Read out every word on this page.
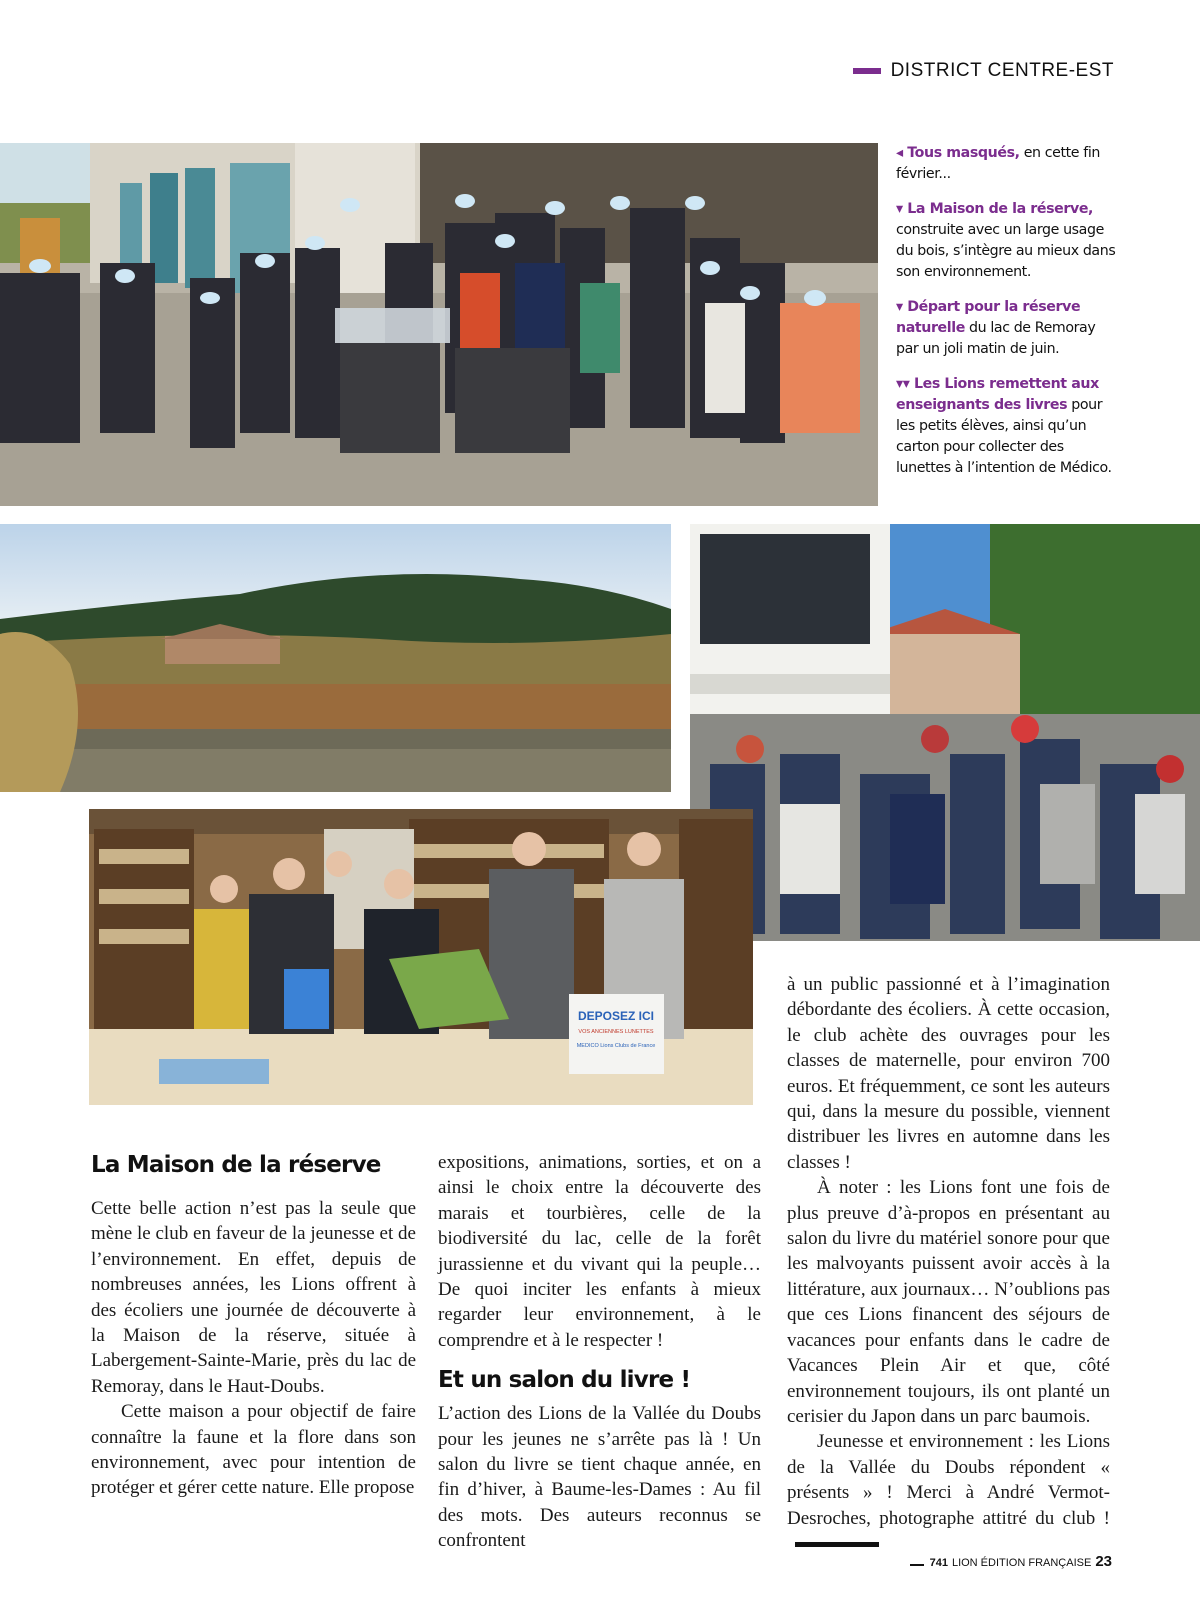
DISTRICT CENTRE-EST
◂ Tous masqués, en cette fin février...
▾ La Maison de la réserve, construite avec un large usage du bois, s’intègre au mieux dans son environnement.
▾ Départ pour la réserve naturelle du lac de Remoray par un joli matin de juin.
▾▾ Les Lions remettent aux enseignants des livres pour les petits élèves, ainsi qu’un carton pour collecter des lunettes à l’intention de Médico.
DEPOSEZ ICI
VOS ANCIENNES LUNETTES
MEDICO Lions Clubs de France
La Maison de la réserve

Cette belle action n’est pas la seule que mène le club en faveur de la jeunesse et de l’environnement. En effet, depuis de nombreuses années, les Lions offrent à des écoliers une journée de découverte à la Maison de la réserve, située à Labergement-Sainte-Marie, près du lac de Remoray, dans le Haut-Doubs.

Cette maison a pour objectif de faire connaître la faune et la flore dans son environnement, avec pour intention de protéger et gérer cette nature. Elle propose

expositions, animations, sorties, et on a ainsi le choix entre la découverte des marais et tourbières, celle de la biodiversité du lac, celle de la forêt jurassienne et du vivant qui la peuple… De quoi inciter les enfants à mieux regarder leur environnement, à le comprendre et à le respecter !

Et un salon du livre !

L’action des Lions de la Vallée du Doubs pour les jeunes ne s’arrête pas là ! Un salon du livre se tient chaque année, en fin d’hiver, à Baume-les-Dames : Au fil des mots. Des auteurs reconnus se confrontent

à un public passionné et à l’imagination débordante des écoliers. À cette occasion, le club achète des ouvrages pour les classes de maternelle, pour environ 700 euros. Et fréquemment, ce sont les auteurs qui, dans la mesure du possible, viennent distribuer les livres en automne dans les classes !

À noter : les Lions font une fois de plus preuve d’à-propos en présentant au salon du livre du matériel sonore pour que les malvoyants puissent avoir accès à la littérature, aux journaux… N’oublions pas que ces Lions financent des séjours de vacances pour enfants dans le cadre de Vacances Plein Air et que, côté environnement toujours, ils ont planté un cerisier du Japon dans un parc baumois.

Jeunesse et environnement : les Lions de la Vallée du Doubs répondent « présents » ! Merci à André Vermot-Desroches, photographe attitré du club !

741 LION ÉDITION FRANÇAISE 23
